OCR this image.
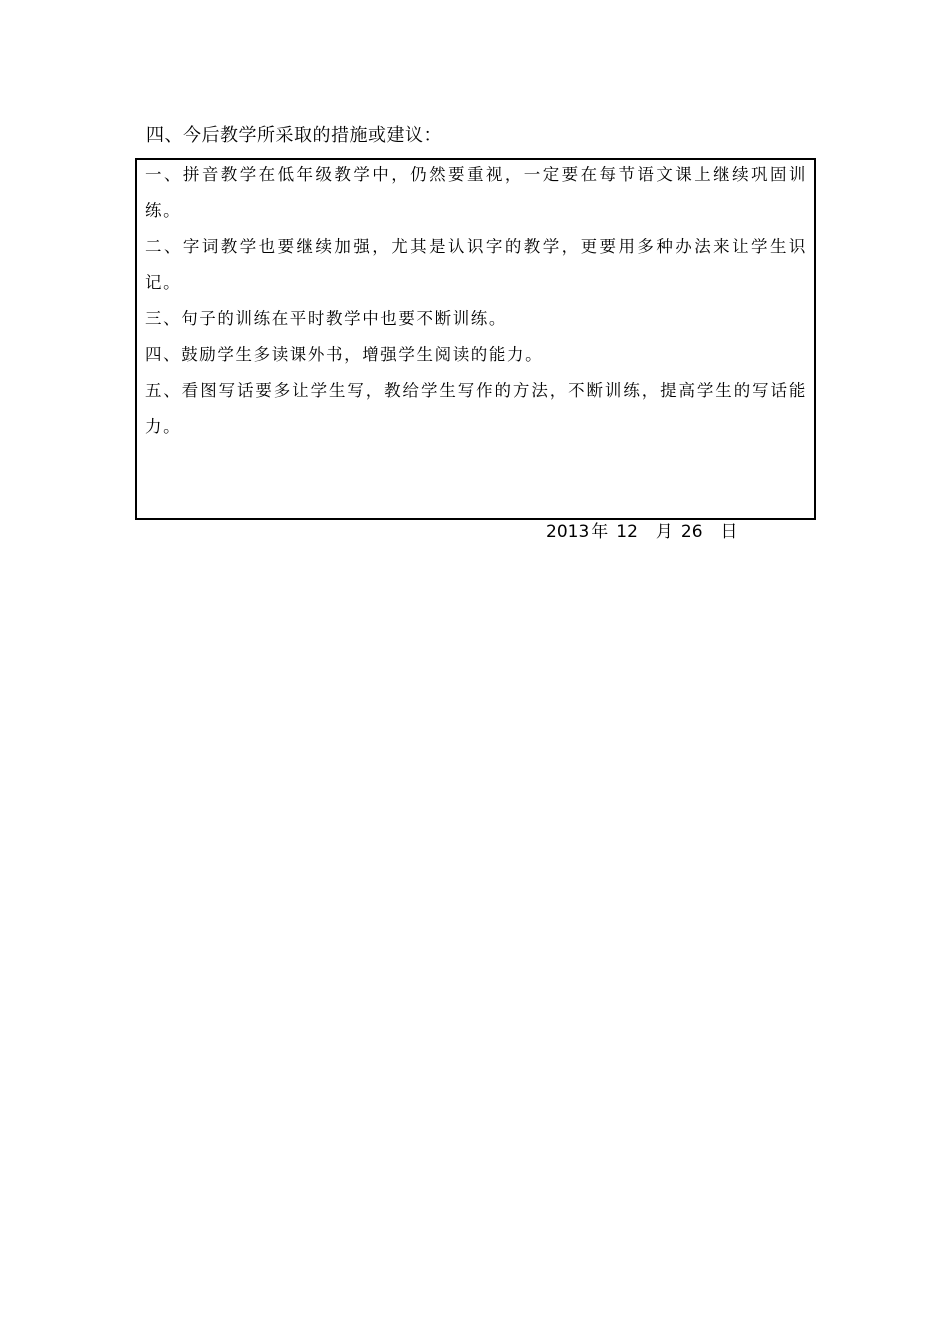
四、今后教学所采取的措施或建议：

一、拼音教学在低年级教学中，仍然要重视，一定要在每节语文课上继续巩固训练。

二、字词教学也要继续加强，尤其是认识字的教学，更要用多种办法来让学生识记。

三、句子的训练在平时教学中也要不断训练。

四、鼓励学生多读课外书，增强学生阅读的能力。

五、看图写话要多让学生写，教给学生写作的方法，不断训练，提高学生的写话能力。

2013 年 12 月 26 日
